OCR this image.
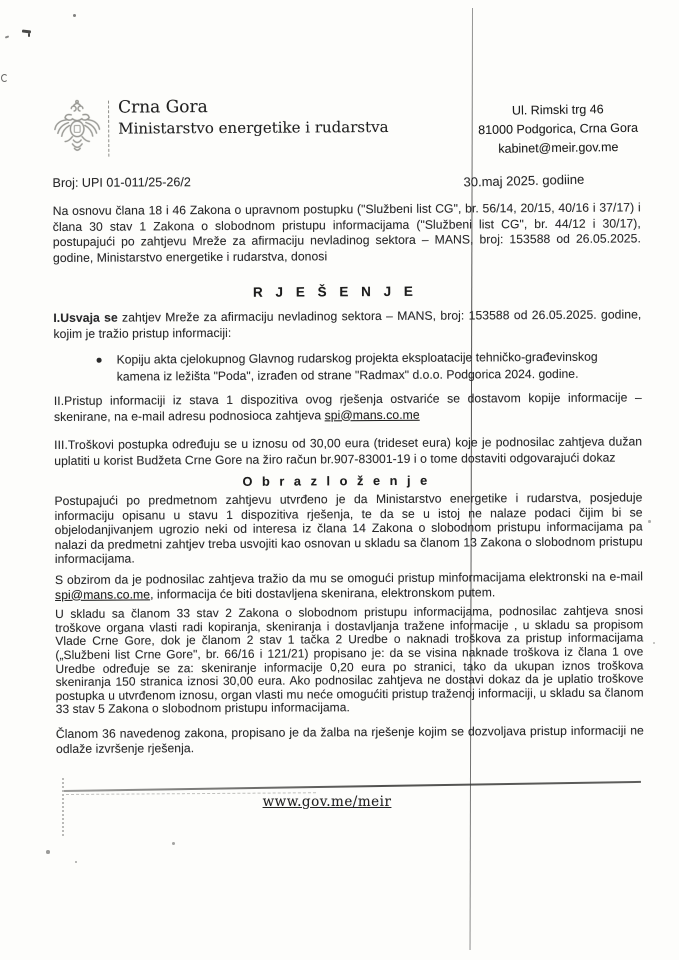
Crna Gora
Ministarstvo energetike i rudarstva
Ul. Rimski trg 46
81000 Podgorica, Crna Gora
kabinet@meir.gov.me
Broj: UPI 01-011/25-26/2	30.maj 2025. godiine

Na osnovu člana 18 i 46 Zakona o upravnom postupku ("Službeni list CG", br. 56/14, 20/15, 40/16 i 37/17) i člana 30 stav 1 Zakona o slobodnom pristupu informacijama ("Službeni list CG", br. 44/12 i 30/17), postupajući po zahtjevu Mreže za afirmaciju nevladinog sektora – MANS, broj: 153588 od 26.05.2025. godine, Ministarstvo energetike i rudarstva, donosi

R J E Š E N J E

I.Usvaja se zahtjev Mreže za afirmaciju nevladinog sektora – MANS, broj: 153588 od 26.05.2025. godine, kojim je tražio pristup informaciji:

Kopiju akta cjelokupnog Glavnog rudarskog projekta eksploatacije tehničko-građevinskog kamena iz ležišta "Poda", izrađen od strane "Radmax" d.o.o. Podgorica 2024. godine.

II.Pristup informaciji iz stava 1 dispozitiva ovog rješenja ostvariće se dostavom kopije informacije – skenirane, na e-mail adresu podnosioca zahtjeva spi@mans.co.me

III.Troškovi postupka određuju se u iznosu od 30,00 eura (trideset eura) koje je podnosilac zahtjeva dužan uplatiti u korist Budžeta Crne Gore na žiro račun br.907-83001-19 i o tome dostaviti odgovarajući dokaz

O b r a z l o ž e n j e

Postupajući po predmetnom zahtjevu utvrđeno je da Ministarstvo energetike i rudarstva, posjeduje informaciju opisanu u stavu 1 dispozitiva rješenja, te da se u istoj ne nalaze podaci čijim bi se objelodanjivanjem ugrozio neki od interesa iz člana 14 Zakona o slobodnom pristupu informacijama pa nalazi da predmetni zahtjev treba usvojiti kao osnovan u skladu sa članom 13 Zakona o slobodnom pristupu informacijama.

S obzirom da je podnosilac zahtjeva tražio da mu se omogući pristup minformacijama elektronski na e-mail spi@mans.co.me, informacija će biti dostavljena skenirana, elektronskom putem.

U skladu sa članom 33 stav 2 Zakona o slobodnom pristupu informacijama, podnosilac zahtjeva snosi troškove organa vlasti radi kopiranja, skeniranja i dostavljanja tražene informacije , u skladu sa propisom Vlade Crne Gore, dok je članom 2 stav 1 tačka 2 Uredbe o naknadi troškova za pristup informacijama („Službeni list Crne Gore", br. 66/16 i 121/21) propisano je: da se visina naknade troškova iz člana 1 ove Uredbe određuje se za: skeniranje informacije 0,20 eura po stranici, tako da ukupan iznos troškova skeniranja 150 stranica iznosi 30,00 eura. Ako podnosilac zahtjeva ne dostavi dokaz da je uplatio troškove postupka u utvrđenom iznosu, organ vlasti mu neće omogućiti pristup traženoj informaciji, u skladu sa članom 33 stav 5 Zakona o slobodnom pristupu informacijama.

Članom 36 navedenog zakona, propisano je da žalba na rješenje kojim se dozvoljava pristup informaciji ne odlaže izvršenje rješenja.

www.gov.me/meir
